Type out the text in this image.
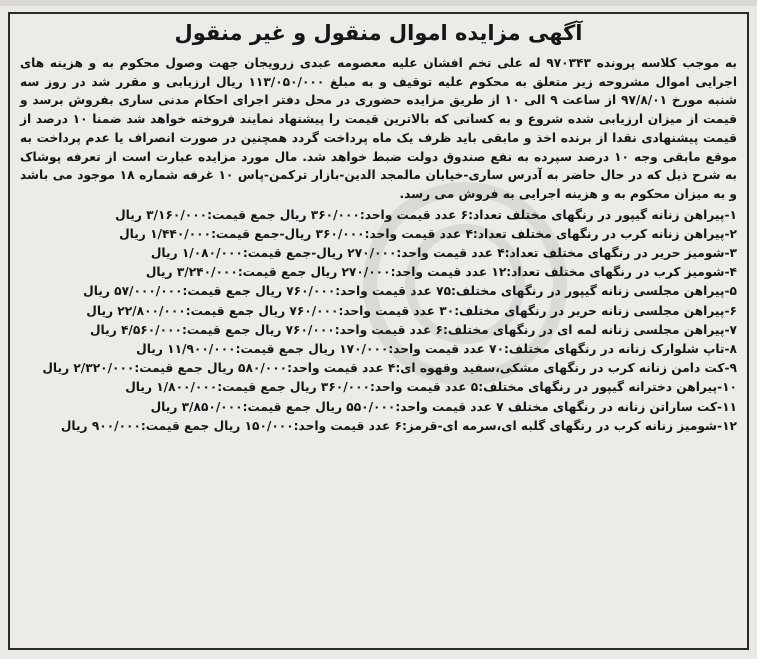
آگهی مزایده اموال منقول و غیر منقول

به موجب کلاسه پرونده ۹۷۰۳۴۳ له علی تخم افشان علیه معصومه عبدی زرویجان جهت وصول محکوم به و هزینه های اجرایی اموال مشروحه زیر متعلق به محکوم علیه توقیف و به مبلغ ۱۱۳/۰۵۰/۰۰۰ ریال ارزیابی و مقرر شد در روز سه شنبه مورخ ۹۷/۸/۰۱ از ساعت ۹ الی ۱۰ از طریق مزایده حضوری در محل دفتر اجرای احکام مدنی ساری بفروش برسد و قیمت از میزان ارزیابی شده شروع و به کسانی که بالاترین قیمت را پیشنهاد نمایند فروخته خواهد شد ضمنا ۱۰ درصد از قیمت پیشنهادی نقدا از برنده اخذ و مابقی باید ظرف یک ماه پرداخت گردد همچنین در صورت انصراف یا عدم پرداخت به موقع مابقی وجه ۱۰ درصد سپرده به نفع صندوق دولت ضبط خواهد شد. مال مورد مزایده عبارت است از تعرفه پوشاک به شرح ذیل که در حال حاضر به آدرس ساری-خیابان مالمجد الدین-بازار ترکمن-پاس ۱۰ غرفه شماره ۱۸ موجود می باشد و به میزان محکوم به و هزینه اجرایی به فروش می رسد.

۱-پیراهن زنانه گیپور در رنگهای مختلف تعداد:۶ عدد قیمت واحد:۳۶۰/۰۰۰ ریال جمع قیمت:۳/۱۶۰/۰۰۰ ریال
۲-پیراهن زنانه کرب در رنگهای مختلف تعداد:۴ عدد قیمت واحد:۳۶۰/۰۰۰ ریال-جمع قیمت:۱/۴۴۰/۰۰۰ ریال
۳-شومیز حریر در رنگهای مختلف تعداد:۴ عدد قیمت واحد:۲۷۰/۰۰۰ ریال-جمع قیمت:۱/۰۸۰/۰۰۰ ریال
۴-شومیز کرب در رنگهای مختلف تعداد:۱۲ عدد قیمت واحد:۲۷۰/۰۰۰ ریال جمع قیمت:۳/۲۴۰/۰۰۰ ریال
۵-پیراهن مجلسی زنانه گیپور در رنگهای مختلف:۷۵ عدد قیمت واحد:۷۶۰/۰۰۰ ریال جمع قیمت:۵۷/۰۰۰/۰۰۰ ریال
۶-پیراهن مجلسی زنانه حریر در رنگهای مختلف:۳۰ عدد قیمت واحد:۷۶۰/۰۰۰ ریال جمع قیمت:۲۲/۸۰۰/۰۰۰ ریال
۷-پیراهن مجلسی زنانه لمه ای در رنگهای مختلف:۶ عدد قیمت واحد:۷۶۰/۰۰۰ ریال جمع قیمت:۴/۵۶۰/۰۰۰ ریال
۸-تاپ شلوارک زنانه در رنگهای مختلف:۷۰ عدد قیمت واحد:۱۷۰/۰۰۰ ریال جمع قیمت:۱۱/۹۰۰/۰۰۰ ریال
۹-کت دامن زنانه کرب در رنگهای مشکی،سفید وقهوه ای:۴ عدد قیمت واحد:۵۸۰/۰۰۰ ریال جمع قیمت:۲/۳۲۰/۰۰۰ ریال
۱۰-پیراهن دخترانه گیپور در رنگهای مختلف:۵ عدد قیمت واحد:۳۶۰/۰۰۰ ریال جمع قیمت:۱/۸۰۰/۰۰۰ ریال
۱۱-کت ساراتن زنانه در رنگهای مختلف ۷ عدد قیمت واحد:۵۵۰/۰۰۰ ریال جمع قیمت:۳/۸۵۰/۰۰۰ ریال
۱۲-شومیز زنانه کرب در رنگهای گلبه ای،سرمه ای-قرمز:۶ عدد قیمت واحد:۱۵۰/۰۰۰ ریال جمع قیمت:۹۰۰/۰۰۰ ریال
